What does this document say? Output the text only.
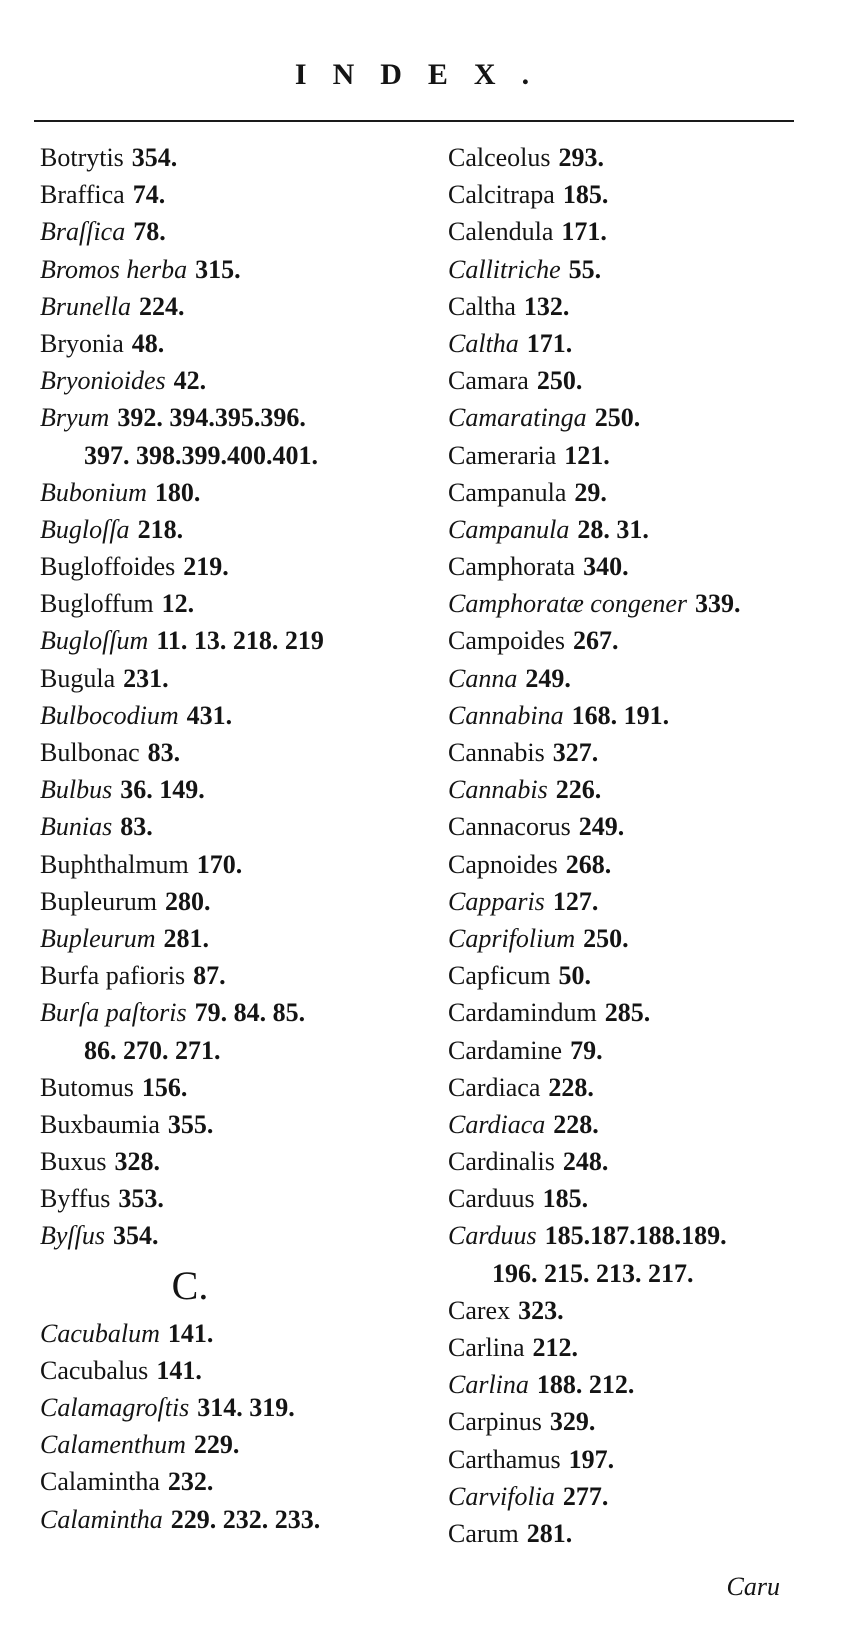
INDEX.
Botrytis 354.
Braffica 74.
Braſſica 78.
Bromos herba 315.
Brunella 224.
Bryonia 48.
Bryonioides 42.
Bryum 392. 394.395.396.
397. 398.399.400.401.
Bubonium 180.
Bugloſſa 218.
Bugloffoides 219.
Bugloffum 12.
Bugloſſum 11. 13. 218. 219
Bugula 231.
Bulbocodium 431.
Bulbonac 83.
Bulbus 36. 149.
Bunias 83.
Buphthalmum 170.
Bupleurum 280.
Bupleurum 281.
Burfa pafioris 87.
Burſa paſtoris 79. 84. 85.
86. 270. 271.
Butomus 156.
Buxbaumia 355.
Buxus 328.
Byffus 353.
Byſſus 354.
C.
Cacubalum 141.
Cacubalus 141.
Calamagroſtis 314. 319.
Calamenthum 229.
Calamintha 232.
Calamintha 229. 232. 233.
Calceolus 293.
Calcitrapa 185.
Calendula 171.
Callitriche 55.
Caltha 132.
Caltha 171.
Camara 250.
Camaratinga 250.
Cameraria 121.
Campanula 29.
Campanula 28. 31.
Camphorata 340.
Camphoratæ congener 339.
Campoides 267.
Canna 249.
Cannabina 168. 191.
Cannabis 327.
Cannabis 226.
Cannacorus 249.
Capnoides 268.
Capparis 127.
Caprifolium 250.
Capficum 50.
Cardamindum 285.
Cardamine 79.
Cardiaca 228.
Cardiaca 228.
Cardinalis 248.
Carduus 185.
Carduus 185.187.188.189.
196. 215. 213. 217.
Carex 323.
Carlina 212.
Carlina 188. 212.
Carpinus 329.
Carthamus 197.
Carvifolia 277.
Carum 281.
Caru
